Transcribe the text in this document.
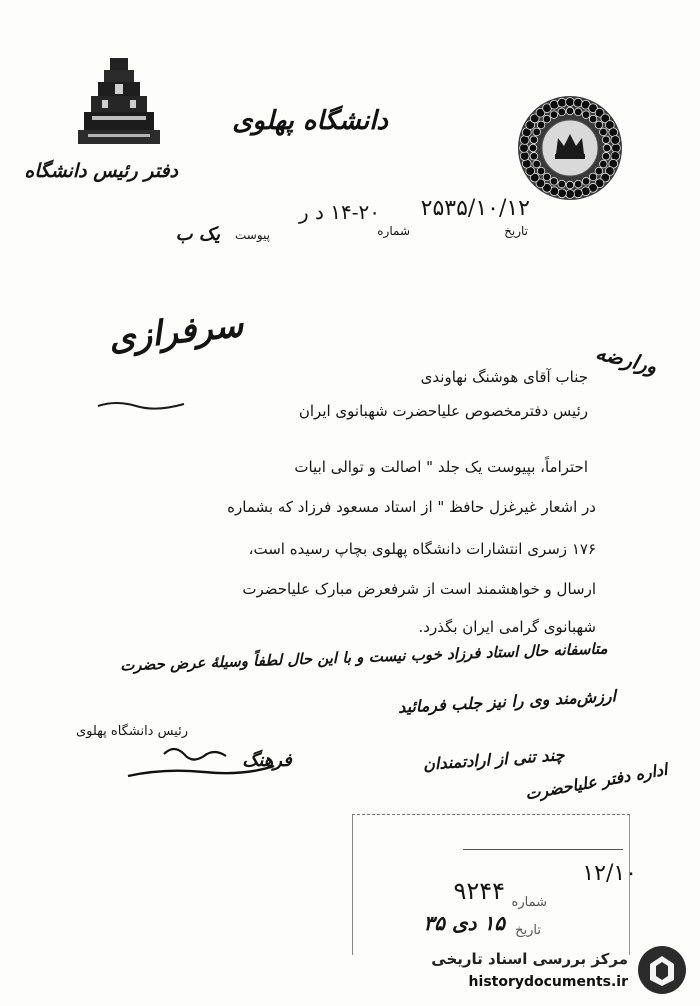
دفتر رئیس دانشگاه
دانشگاه پهلوی
۲۵۳۵/۱۰/۱۲
تاریخ
شماره
۱۴-۲۰ د ر
پیوست
یک ب
سرفرازی
ورارضه
جناب آقای هوشنگ نهاوندی
رئیس دفترمخصوص علیاحضرت شهبانوی ایران
احتراماً، بپیوست یک جلد " اصالت و توالی ابیات
در اشعار غیرغزل حافظ " از استاد مسعود فرزاد که بشماره
۱۷۶ زسری انتشارات دانشگاه پهلوی بچاپ رسیده است،
ارسال و خواهشمند است از شرفعرض مبارک علیاحضرت
شهبانوی گرامی ایران بگذرد.
متاسفانه حال استاد فرزاد خوب نیست و با این حال لطفاً وسیلهٔ عرض حضرت
ارزش‌مند وی را نیز جلب فرمائید
چند تنی از ارادتمندان
رئیس دانشگاه پهلوی
فرهنگ	اداره دفتر علیاحضرت
۱۲/۱۰
شماره
۹۲۴۴
تاریخ
۱۵ دی ۳۵
مرکز بررسی اسناد تاریخی
historydocuments.ir
